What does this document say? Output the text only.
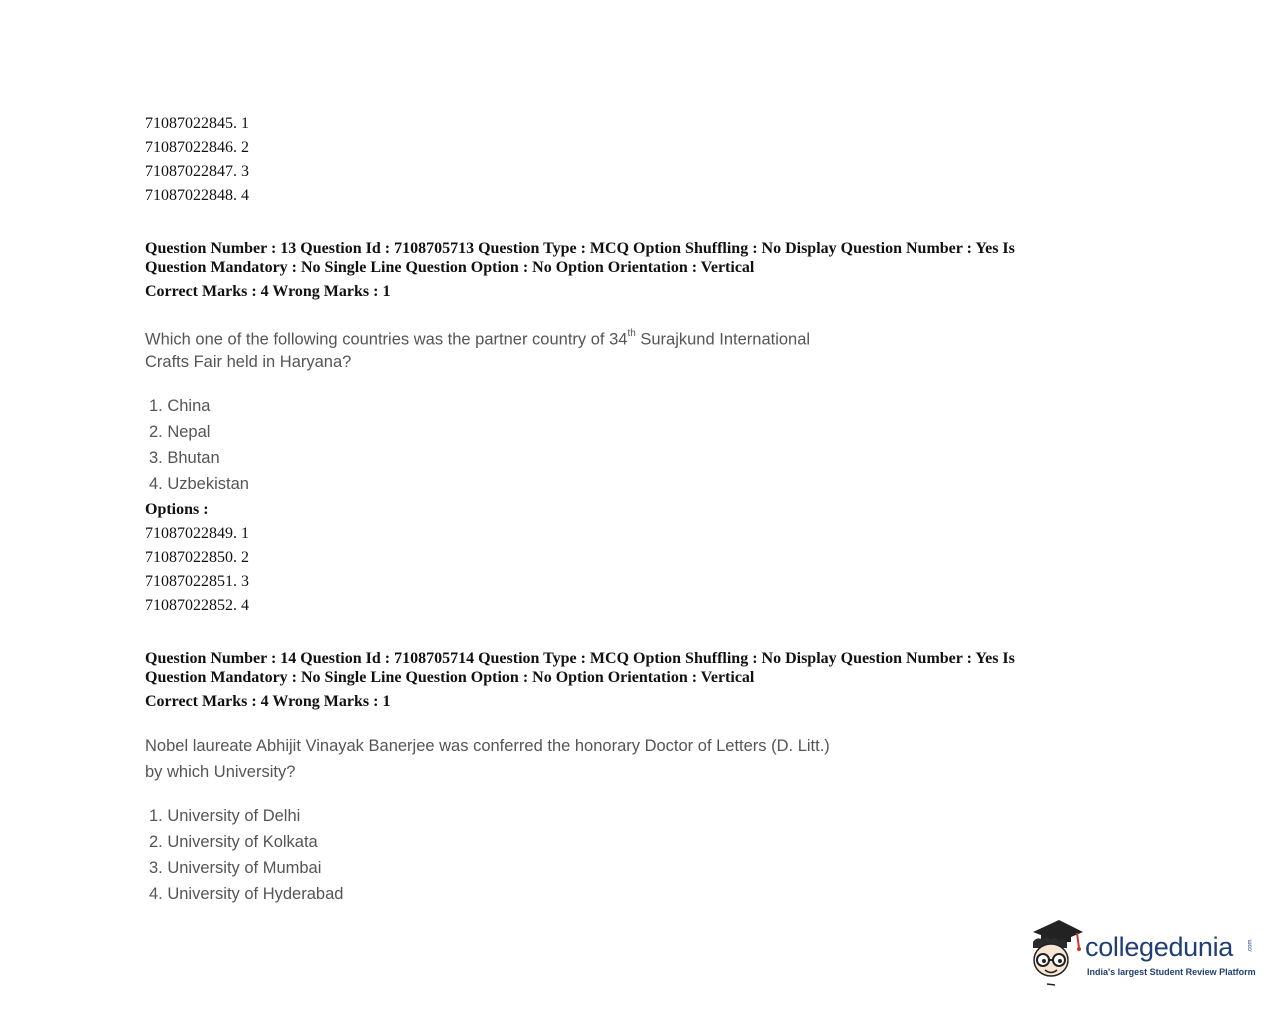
71087022845. 1
71087022846. 2
71087022847. 3
71087022848. 4
Question Number : 13 Question Id : 7108705713 Question Type : MCQ Option Shuffling : No Display Question Number : Yes Is
Question Mandatory : No Single Line Question Option : No Option Orientation : Vertical
Correct Marks : 4 Wrong Marks : 1
Which one of the following countries was the partner country of 34th Surajkund International
Crafts Fair held in Haryana?
1. China
2. Nepal
3. Bhutan
4. Uzbekistan
Options :
71087022849. 1
71087022850. 2
71087022851. 3
71087022852. 4
Question Number : 14 Question Id : 7108705714 Question Type : MCQ Option Shuffling : No Display Question Number : Yes Is
Question Mandatory : No Single Line Question Option : No Option Orientation : Vertical
Correct Marks : 4 Wrong Marks : 1
Nobel laureate Abhijit Vinayak Banerjee was conferred the honorary Doctor of Letters (D. Litt.)
by which University?
1. University of Delhi
2. University of Kolkata
3. University of Mumbai
4. University of Hyderabad
collegedunia .com
India's largest Student Review Platform
